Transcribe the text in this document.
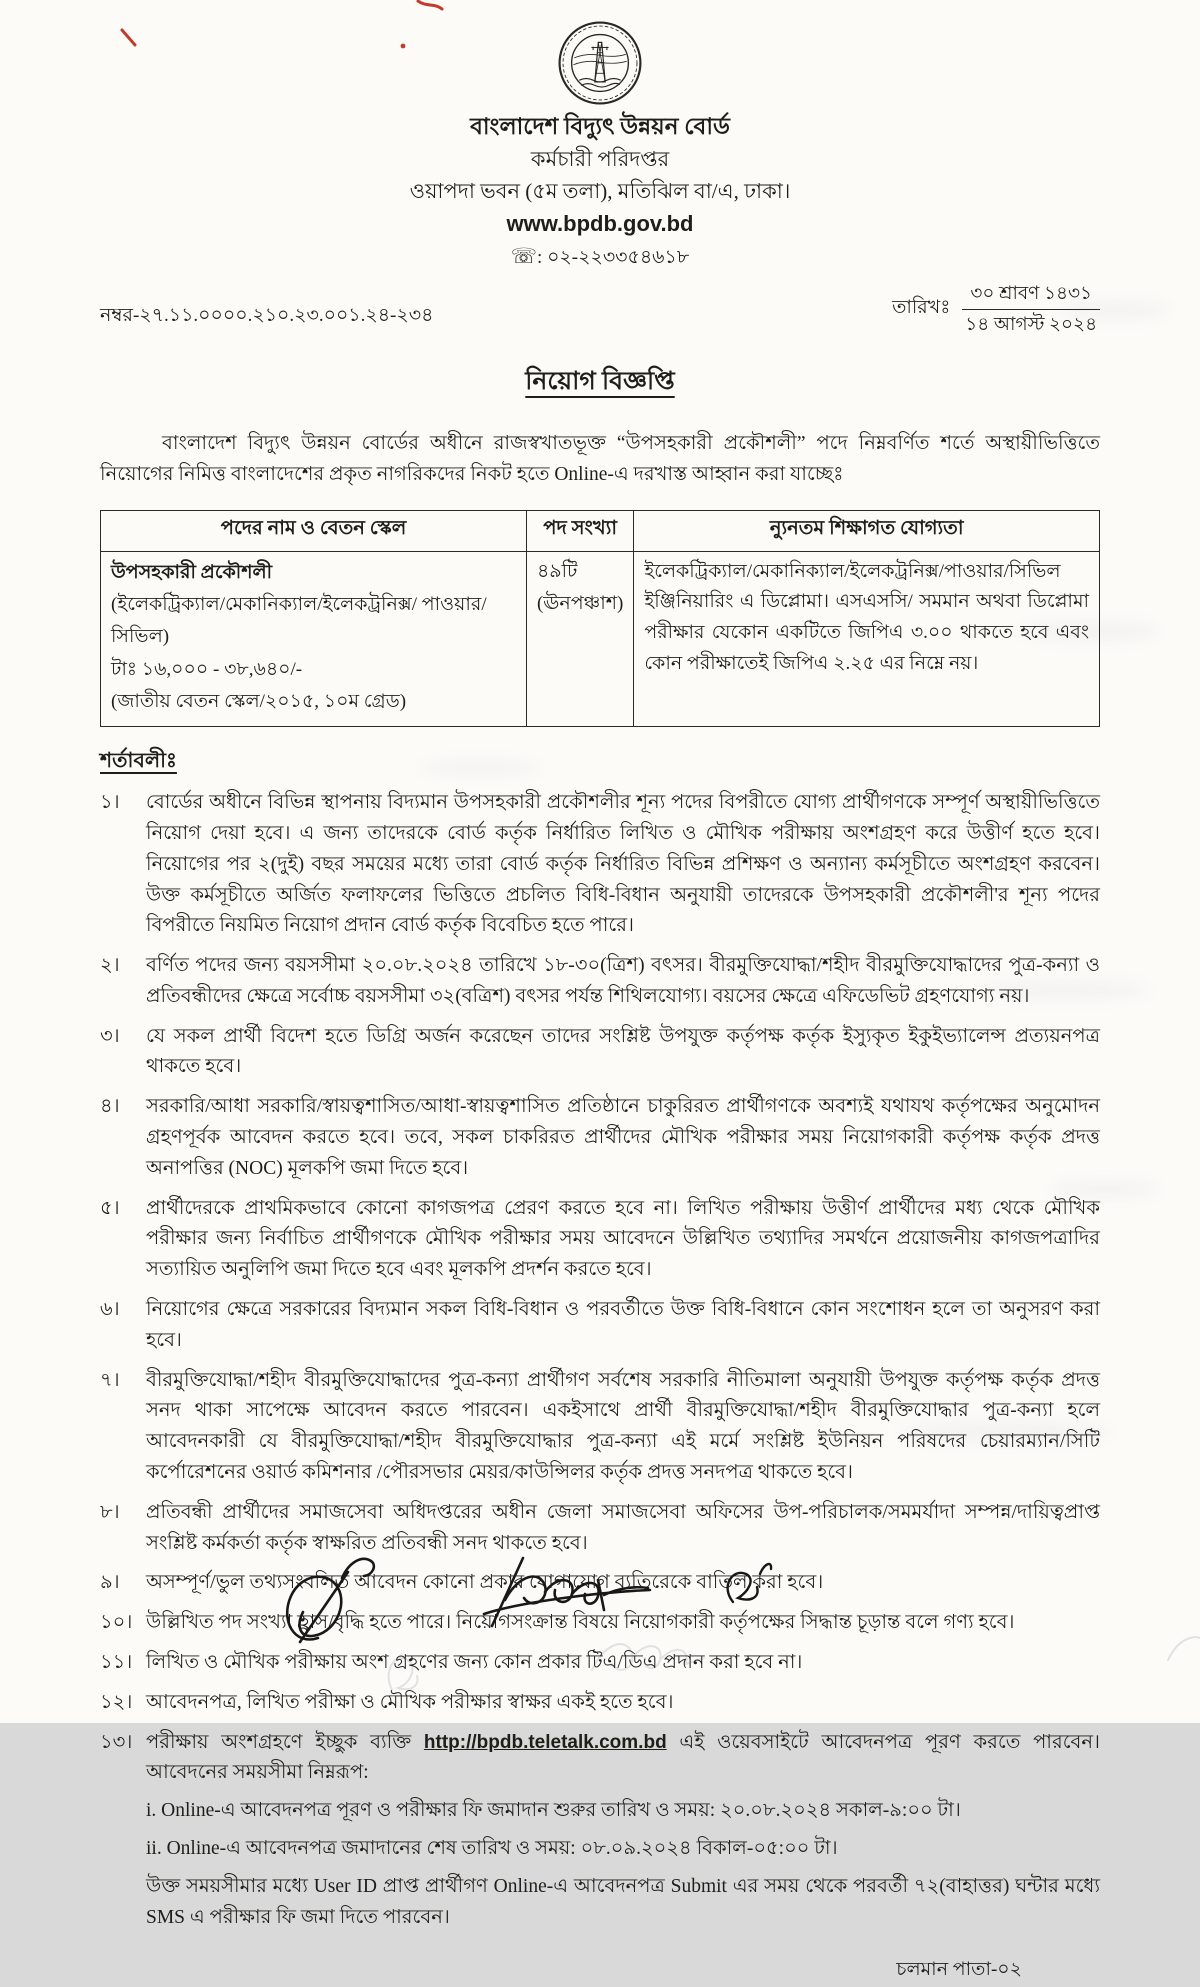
বাংলাদেশ বিদ্যুৎ উন্নয়ন বোর্ড
কর্মচারী পরিদপ্তর
ওয়াপদা ভবন (৫ম তলা), মতিঝিল বা/এ, ঢাকা।
www.bpdb.gov.bd
☏: ০২-২২৩৩৫৪৬১৮
নম্বর-২৭.১১.০০০০.২১০.২৩.০০১.২৪-২৩৪	তারিখঃ
৩০ শ্রাবণ ১৪৩১
১৪ আগস্ট ২০২৪
নিয়োগ বিজ্ঞপ্তি

বাংলাদেশ বিদ্যুৎ উন্নয়ন বোর্ডের অধীনে রাজস্বখাতভূক্ত “উপসহকারী প্রকৌশলী” পদে নিম্নবর্ণিত শর্তে অস্থায়ীভিত্তিতে নিয়োগের নিমিত্ত বাংলাদেশের প্রকৃত নাগরিকদের নিকট হতে Online-এ দরখাস্ত আহ্বান করা যাচ্ছেঃ

পদের নাম ও বেতন স্কেল	পদ সংখ্যা	ন্যুনতম শিক্ষাগত যোগ্যতা

উপসহকারী প্রকৌশলী
(ইলেকট্রিক্যাল/মেকানিক্যাল/ইলেকট্রনিক্স/ পাওয়ার/সিভিল)
টাঃ ১৬,০০০ - ৩৮,৬৪০/-
(জাতীয় বেতন স্কেল/২০১৫, ১০ম গ্রেড)	৪৯টি (ঊনপঞ্চাশ)	ইলেকট্রিক্যাল/মেকানিক্যাল/ইলেকট্রনিক্স/পাওয়ার/সিভিল ইঞ্জিনিয়ারিং এ ডিপ্লোমা। এসএসসি/ সমমান অথবা ডিপ্লোমা পরীক্ষার যেকোন একটিতে জিপিএ ৩.০০ থাকতে হবে এবং কোন পরীক্ষাতেই জিপিএ ২.২৫ এর নিম্নে নয়।
শর্তাবলীঃ
১।	বোর্ডের অধীনে বিভিন্ন স্থাপনায় বিদ্যমান উপসহকারী প্রকৌশলীর শূন্য পদের বিপরীতে যোগ্য প্রার্থীগণকে সম্পূর্ণ অস্থায়ীভিত্তিতে নিয়োগ দেয়া হবে। এ জন্য তাদেরকে বোর্ড কর্তৃক নির্ধারিত লিখিত ও মৌখিক পরীক্ষায় অংশগ্রহণ করে উত্তীর্ণ হতে হবে। নিয়োগের পর ২(দুই) বছর সময়ের মধ্যে তারা বোর্ড কর্তৃক নির্ধারিত বিভিন্ন প্রশিক্ষণ ও অন্যান্য কর্মসূচীতে অংশগ্রহণ করবেন। উক্ত কর্মসূচীতে অর্জিত ফলাফলের ভিত্তিতে প্রচলিত বিধি-বিধান অনুযায়ী তাদেরকে উপসহকারী প্রকৌশলী'র শূন্য পদের বিপরীতে নিয়মিত নিয়োগ প্রদান বোর্ড কর্তৃক বিবেচিত হতে পারে।
২।	বর্ণিত পদের জন্য বয়সসীমা ২০.০৮.২০২৪ তারিখে ১৮-৩০(ত্রিশ) বৎসর। বীরমুক্তিযোদ্ধা/শহীদ বীরমুক্তিযোদ্ধাদের পুত্র-কন্যা ও প্রতিবন্ধীদের ক্ষেত্রে সর্বোচ্চ বয়সসীমা ৩২(বত্রিশ) বৎসর পর্যন্ত শিথিলযোগ্য। বয়সের ক্ষেত্রে এফিডেভিট গ্রহণযোগ্য নয়।
৩।	যে সকল প্রার্থী বিদেশ হতে ডিগ্রি অর্জন করেছেন তাদের সংশ্লিষ্ট উপযুক্ত কর্তৃপক্ষ কর্তৃক ইস্যুকৃত ইকুইভ্যালেন্স প্রত্যয়নপত্র থাকতে হবে।
৪।	সরকারি/আধা সরকারি/স্বায়ত্বশাসিত/আধা-স্বায়ত্বশাসিত প্রতিষ্ঠানে চাকুরিরত প্রার্থীগণকে অবশ্যই যথাযথ কর্তৃপক্ষের অনুমোদন গ্রহণপূর্বক আবেদন করতে হবে। তবে, সকল চাকরিরত প্রার্থীদের মৌখিক পরীক্ষার সময় নিয়োগকারী কর্তৃপক্ষ কর্তৃক প্রদত্ত অনাপত্তির (NOC) মূলকপি জমা দিতে হবে।
৫।	প্রার্থীদেরকে প্রাথমিকভাবে কোনো কাগজপত্র প্রেরণ করতে হবে না। লিখিত পরীক্ষায় উত্তীর্ণ প্রার্থীদের মধ্য থেকে মৌখিক পরীক্ষার জন্য নির্বাচিত প্রার্থীগণকে মৌখিক পরীক্ষার সময় আবেদনে উল্লিখিত তথ্যাদির সমর্থনে প্রয়োজনীয় কাগজপত্রাদির সত্যায়িত অনুলিপি জমা দিতে হবে এবং মূলকপি প্রদর্শন করতে হবে।
৬।	নিয়োগের ক্ষেত্রে সরকারের বিদ্যমান সকল বিধি-বিধান ও পরবর্তীতে উক্ত বিধি-বিধানে কোন সংশোধন হলে তা অনুসরণ করা হবে।
৭।	বীরমুক্তিযোদ্ধা/শহীদ বীরমুক্তিযোদ্ধাদের পুত্র-কন্যা প্রার্থীগণ সর্বশেষ সরকারি নীতিমালা অনুযায়ী উপযুক্ত কর্তৃপক্ষ কর্তৃক প্রদত্ত সনদ থাকা সাপেক্ষে আবেদন করতে পারবেন। একইসাথে প্রার্থী বীরমুক্তিযোদ্ধা/শহীদ বীরমুক্তিযোদ্ধার পুত্র-কন্যা হলে আবেদনকারী যে বীরমুক্তিযোদ্ধা/শহীদ বীরমুক্তিযোদ্ধার পুত্র-কন্যা এই মর্মে সংশ্লিষ্ট ইউনিয়ন পরিষদের চেয়ারম্যান/সিটি কর্পোরেশনের ওয়ার্ড কমিশনার /পৌরসভার মেয়র/কাউন্সিলর কর্তৃক প্রদত্ত সনদপত্র থাকতে হবে।
৮।	প্রতিবন্ধী প্রার্থীদের সমাজসেবা অধিদপ্তরের অধীন জেলা সমাজসেবা অফিসের উপ-পরিচালক/সমমর্যাদা সম্পন্ন/দায়িত্বপ্রাপ্ত সংশ্লিষ্ট কর্মকর্তা কর্তৃক স্বাক্ষরিত প্রতিবন্ধী সনদ থাকতে হবে।
৯।	অসম্পূর্ণ/ভুল তথ্যসংবলিত আবেদন কোনো প্রকার যোগাযোগ ব্যতিরেকে বাতিল করা হবে।
১০। উল্লিখিত পদ সংখ্যা হ্রাস/বৃদ্ধি হতে পারে। নিয়োগসংক্রান্ত বিষয়ে নিয়োগকারী কর্তৃপক্ষের সিদ্ধান্ত চূড়ান্ত বলে গণ্য হবে।
১১। লিখিত ও মৌখিক পরীক্ষায় অংশ গ্রহণের জন্য কোন প্রকার টিএ/ডিএ প্রদান করা হবে না।
১২। আবেদনপত্র, লিখিত পরীক্ষা ও মৌখিক পরীক্ষার স্বাক্ষর একই হতে হবে।
১৩। পরীক্ষায় অংশগ্রহণে ইচ্ছুক ব্যক্তি http://bpdb.teletalk.com.bd এই ওয়েবসাইটে আবেদনপত্র পূরণ করতে পারবেন। আবেদনের সময়সীমা নিম্নরূপ:
i. Online-এ আবেদনপত্র পূরণ ও পরীক্ষার ফি জমাদান শুরুর তারিখ ও সময়: ২০.০৮.২০২৪ সকাল-৯:০০ টা।
ii. Online-এ আবেদনপত্র জমাদানের শেষ তারিখ ও সময়: ০৮.০৯.২০২৪ বিকাল-০৫:০০ টা।
উক্ত সময়সীমার মধ্যে User ID প্রাপ্ত প্রার্থীগণ Online-এ আবেদনপত্র Submit এর সময় থেকে পরবর্তী ৭২(বাহাত্তর) ঘন্টার মধ্যে SMS এ পরীক্ষার ফি জমা দিতে পারবেন।
চলমান পাতা-০২
